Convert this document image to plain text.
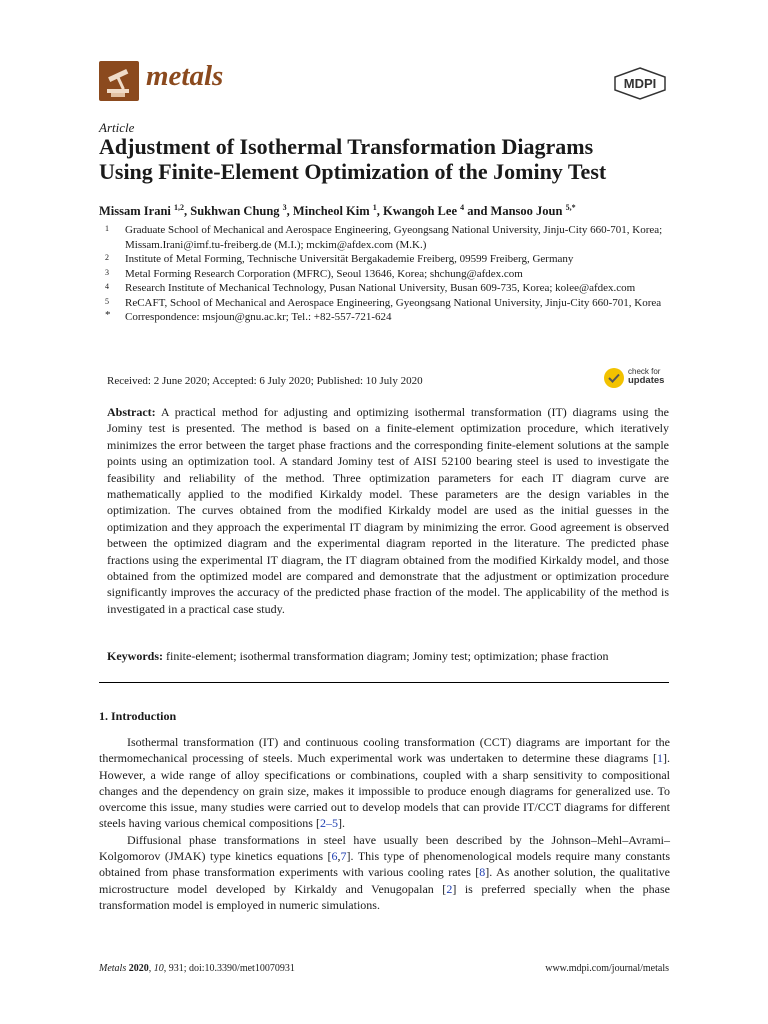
metals	MDPI
Article
Adjustment of Isothermal Transformation Diagrams
Using Finite-Element Optimization of the Jominy Test
Missam Irani $^{1,2}$, Sukhwan Chung $^3$, Mincheol Kim $^1$, Kwangoh Lee $^4$ and Mansoo Joun $^{5,*}$
1	Graduate School of Mechanical and Aerospace Engineering, Gyeongsang National University, Jinju-City 660-701, Korea; Missam.Irani@imf.tu-freiberg.de (M.I.); mckim@afdex.com (M.K.)
2	Institute of Metal Forming, Technische Universität Bergakademie Freiberg, 09599 Freiberg, Germany
3	Metal Forming Research Corporation (MFRC), Seoul 13646, Korea; shchung@afdex.com
4	Research Institute of Mechanical Technology, Pusan National University, Busan 609-735, Korea; kolee@afdex.com
5	ReCAFT, School of Mechanical and Aerospace Engineering, Gyeongsang National University, Jinju-City 660-701, Korea
*	Correspondence: msjoun@gnu.ac.kr; Tel.: +82-557-721-624
Received: 2 June 2020; Accepted: 6 July 2020; Published: 10 July 2020
check for
updates
Abstract: A practical method for adjusting and optimizing isothermal transformation (IT) diagrams using the Jominy test is presented. The method is based on a finite-element optimization procedure, which iteratively minimizes the error between the target phase fractions and the corresponding finite-element solutions at the sample points using an optimization tool. A standard Jominy test of AISI 52100 bearing steel is used to investigate the feasibility and reliability of the method. Three optimization parameters for each IT diagram curve are mathematically applied to the modified Kirkaldy model. These parameters are the design variables in the optimization. The curves obtained from the modified Kirkaldy model are used as the initial guesses in the optimization and they approach the experimental IT diagram by minimizing the error. Good agreement is observed between the optimized diagram and the experimental diagram reported in the literature. The predicted phase fractions using the experimental IT diagram, the IT diagram obtained from the modified Kirkaldy model, and those obtained from the optimized model are compared and demonstrate that the adjustment or optimization procedure significantly improves the accuracy of the predicted phase fraction of the model. The applicability of the method is investigated in a practical case study.
Keywords: finite-element; isothermal transformation diagram; Jominy test; optimization; phase fraction
1. Introduction

Isothermal transformation (IT) and continuous cooling transformation (CCT) diagrams are important for the thermomechanical processing of steels. Much experimental work was undertaken to determine these diagrams [1]. However, a wide range of alloy specifications or combinations, coupled with a sharp sensitivity to compositional changes and the dependency on grain size, makes it impossible to produce enough diagrams for generalized use. To overcome this issue, many studies were carried out to develop models that can provide IT/CCT diagrams for different steels having various chemical compositions [2–5].

Diffusional phase transformations in steel have usually been described by the Johnson–Mehl–Avrami–Kolgomorov (JMAK) type kinetics equations [6,7]. This type of phenomenological models require many constants obtained from phase transformation experiments with various cooling rates [8]. As another solution, the qualitative microstructure model developed by Kirkaldy and Venugopalan [2] is preferred specially when the phase transformation model is employed in numeric simulations.

Metals 2020, 10, 931; doi:10.3390/met10070931	www.mdpi.com/journal/metals
